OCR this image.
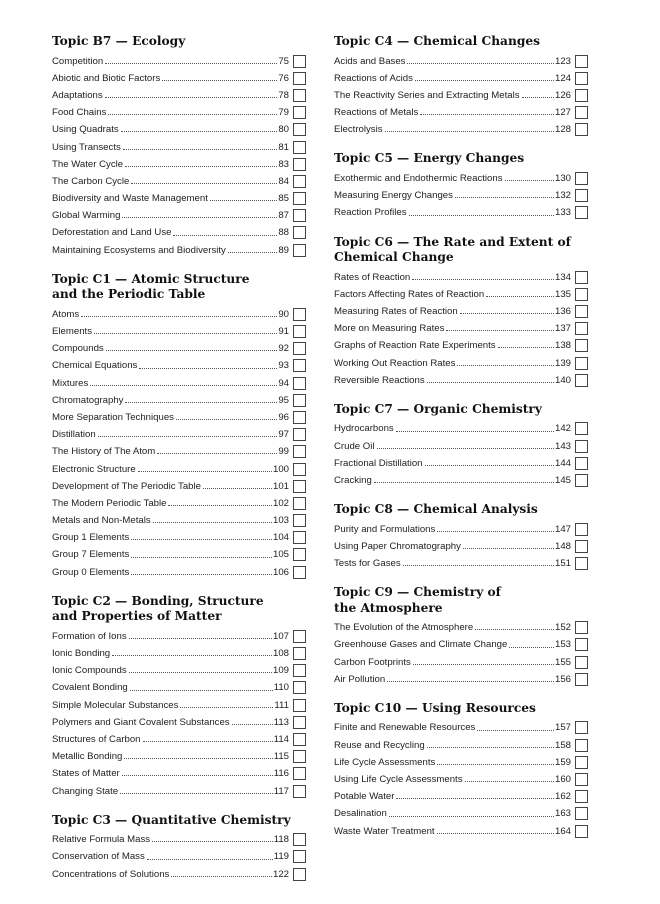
Topic B7 — Ecology
Competition	75
Abiotic and Biotic Factors	76
Adaptations	78
Food Chains	79
Using Quadrats	80
Using Transects	81
The Water Cycle	83
The Carbon Cycle	84
Biodiversity and Waste Management	85
Global Warming	87
Deforestation and Land Use	88
Maintaining Ecosystems and Biodiversity	89
Topic C1 — Atomic Structure
and the Periodic Table
Atoms	90
Elements	91
Compounds	92
Chemical Equations	93
Mixtures	94
Chromatography	95
More Separation Techniques	96
Distillation	97
The History of The Atom	99
Electronic Structure	100
Development of The Periodic Table	101
The Modern Periodic Table	102
Metals and Non-Metals	103
Group 1 Elements	104
Group 7 Elements	105
Group 0 Elements	106
Topic C2 — Bonding, Structure
and Properties of Matter
Formation of Ions	107
Ionic Bonding	108
Ionic Compounds	109
Covalent Bonding	110
Simple Molecular Substances	111
Polymers and Giant Covalent Substances	113
Structures of Carbon	114
Metallic Bonding	115
States of Matter	116
Changing State	117
Topic C3 — Quantitative Chemistry
Relative Formula Mass	118
Conservation of Mass	119
Concentrations of Solutions	122
Topic C4 — Chemical Changes
Acids and Bases	123
Reactions of Acids	124
The Reactivity Series and Extracting Metals	126
Reactions of Metals	127
Electrolysis	128
Topic C5 — Energy Changes
Exothermic and Endothermic Reactions	130
Measuring Energy Changes	132
Reaction Profiles	133
Topic C6 — The Rate and Extent of
Chemical Change
Rates of Reaction	134
Factors Affecting Rates of Reaction	135
Measuring Rates of Reaction	136
More on Measuring Rates	137
Graphs of Reaction Rate Experiments	138
Working Out Reaction Rates	139
Reversible Reactions	140
Topic C7 — Organic Chemistry
Hydrocarbons	142
Crude Oil	143
Fractional Distillation	144
Cracking	145
Topic C8 — Chemical Analysis
Purity and Formulations	147
Using Paper Chromatography	148
Tests for Gases	151
Topic C9 — Chemistry of
the Atmosphere
The Evolution of the Atmosphere	152
Greenhouse Gases and Climate Change	153
Carbon Footprints	155
Air Pollution	156
Topic C10 — Using Resources
Finite and Renewable Resources	157
Reuse and Recycling	158
Life Cycle Assessments	159
Using Life Cycle Assessments	160
Potable Water	162
Desalination	163
Waste Water Treatment	164
